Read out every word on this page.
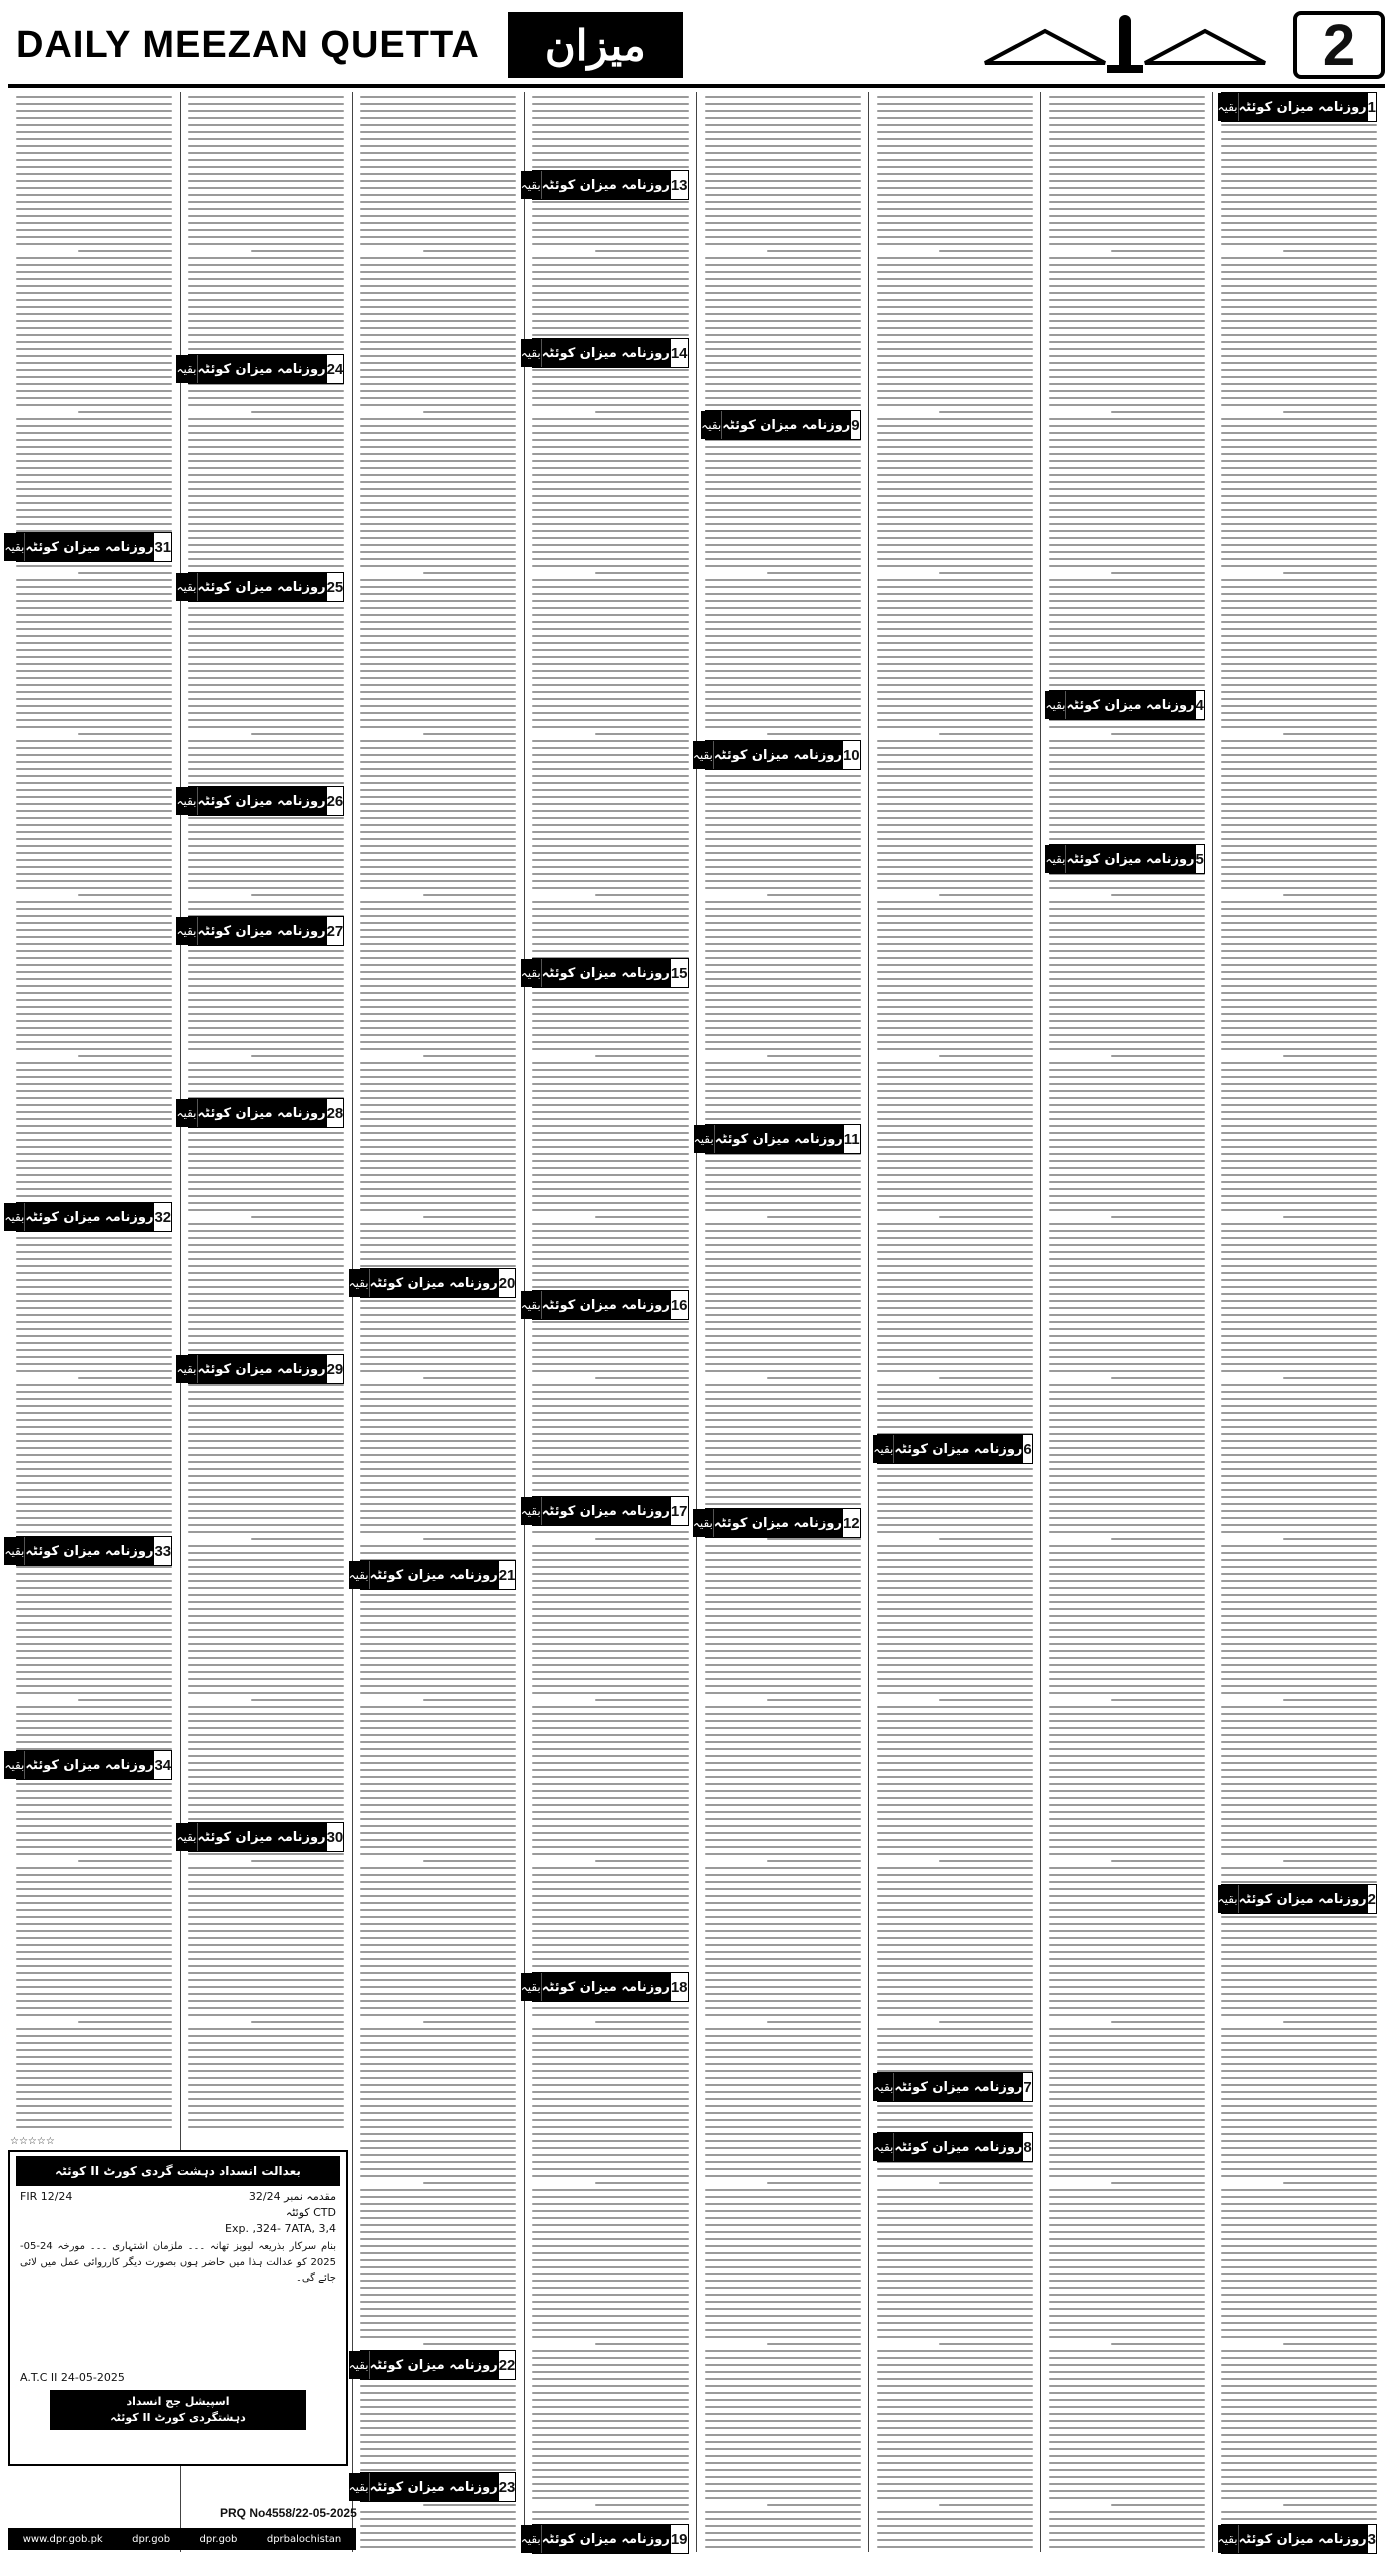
DAILY MEEZAN QUETTA	میزان	2
1
روزنامہ میزان کوئٹہ
بقیہ
2
روزنامہ میزان کوئٹہ
بقیہ
3
روزنامہ میزان کوئٹہ
بقیہ
4
روزنامہ میزان کوئٹہ
بقیہ
5
روزنامہ میزان کوئٹہ
بقیہ
6
روزنامہ میزان کوئٹہ
بقیہ
7
روزنامہ میزان کوئٹہ
بقیہ
8
روزنامہ میزان کوئٹہ
بقیہ
9
روزنامہ میزان کوئٹہ
بقیہ
10
روزنامہ میزان کوئٹہ
بقیہ
11
روزنامہ میزان کوئٹہ
بقیہ
12
روزنامہ میزان کوئٹہ
بقیہ
13
روزنامہ میزان کوئٹہ
بقیہ
14
روزنامہ میزان کوئٹہ
بقیہ
15
روزنامہ میزان کوئٹہ
بقیہ
16
روزنامہ میزان کوئٹہ
بقیہ
17
روزنامہ میزان کوئٹہ
بقیہ
18
روزنامہ میزان کوئٹہ
بقیہ
19
روزنامہ میزان کوئٹہ
بقیہ
20
روزنامہ میزان کوئٹہ
بقیہ
21
روزنامہ میزان کوئٹہ
بقیہ
22
روزنامہ میزان کوئٹہ
بقیہ
23
روزنامہ میزان کوئٹہ
بقیہ
24
روزنامہ میزان کوئٹہ
بقیہ
25
روزنامہ میزان کوئٹہ
بقیہ
26
روزنامہ میزان کوئٹہ
بقیہ
27
روزنامہ میزان کوئٹہ
بقیہ
28
روزنامہ میزان کوئٹہ
بقیہ
29
روزنامہ میزان کوئٹہ
بقیہ
30
روزنامہ میزان کوئٹہ
بقیہ
31
روزنامہ میزان کوئٹہ
بقیہ
32
روزنامہ میزان کوئٹہ
بقیہ
33
روزنامہ میزان کوئٹہ
بقیہ
34
روزنامہ میزان کوئٹہ
بقیہ
بعدالت انسداد دہشت گردی کورٹ II کوئٹہ
مقدمہ نمبر 32/24
FIR 12/24
CTD کوئٹہ
3,4 ,Exp. ,324- 7ATA
بنام سرکار بذریعہ لیویز تھانہ ۔۔۔ ملزمان اشتہاری ۔۔۔ مورخہ 24-05-2025 کو عدالت ہذا میں حاضر ہوں بصورت دیگر کارروائی عمل میں لائی جائے گی۔
24-05-2025 A.T.C II
اسپیشل جج انسداد
دہشتگردی کورٹ II کوئٹہ
☆☆☆☆☆
PRQ No4558/22-05-2025
www.dpr.gob.pk	dpr.gob	dpr.gob	dprbalochistan
